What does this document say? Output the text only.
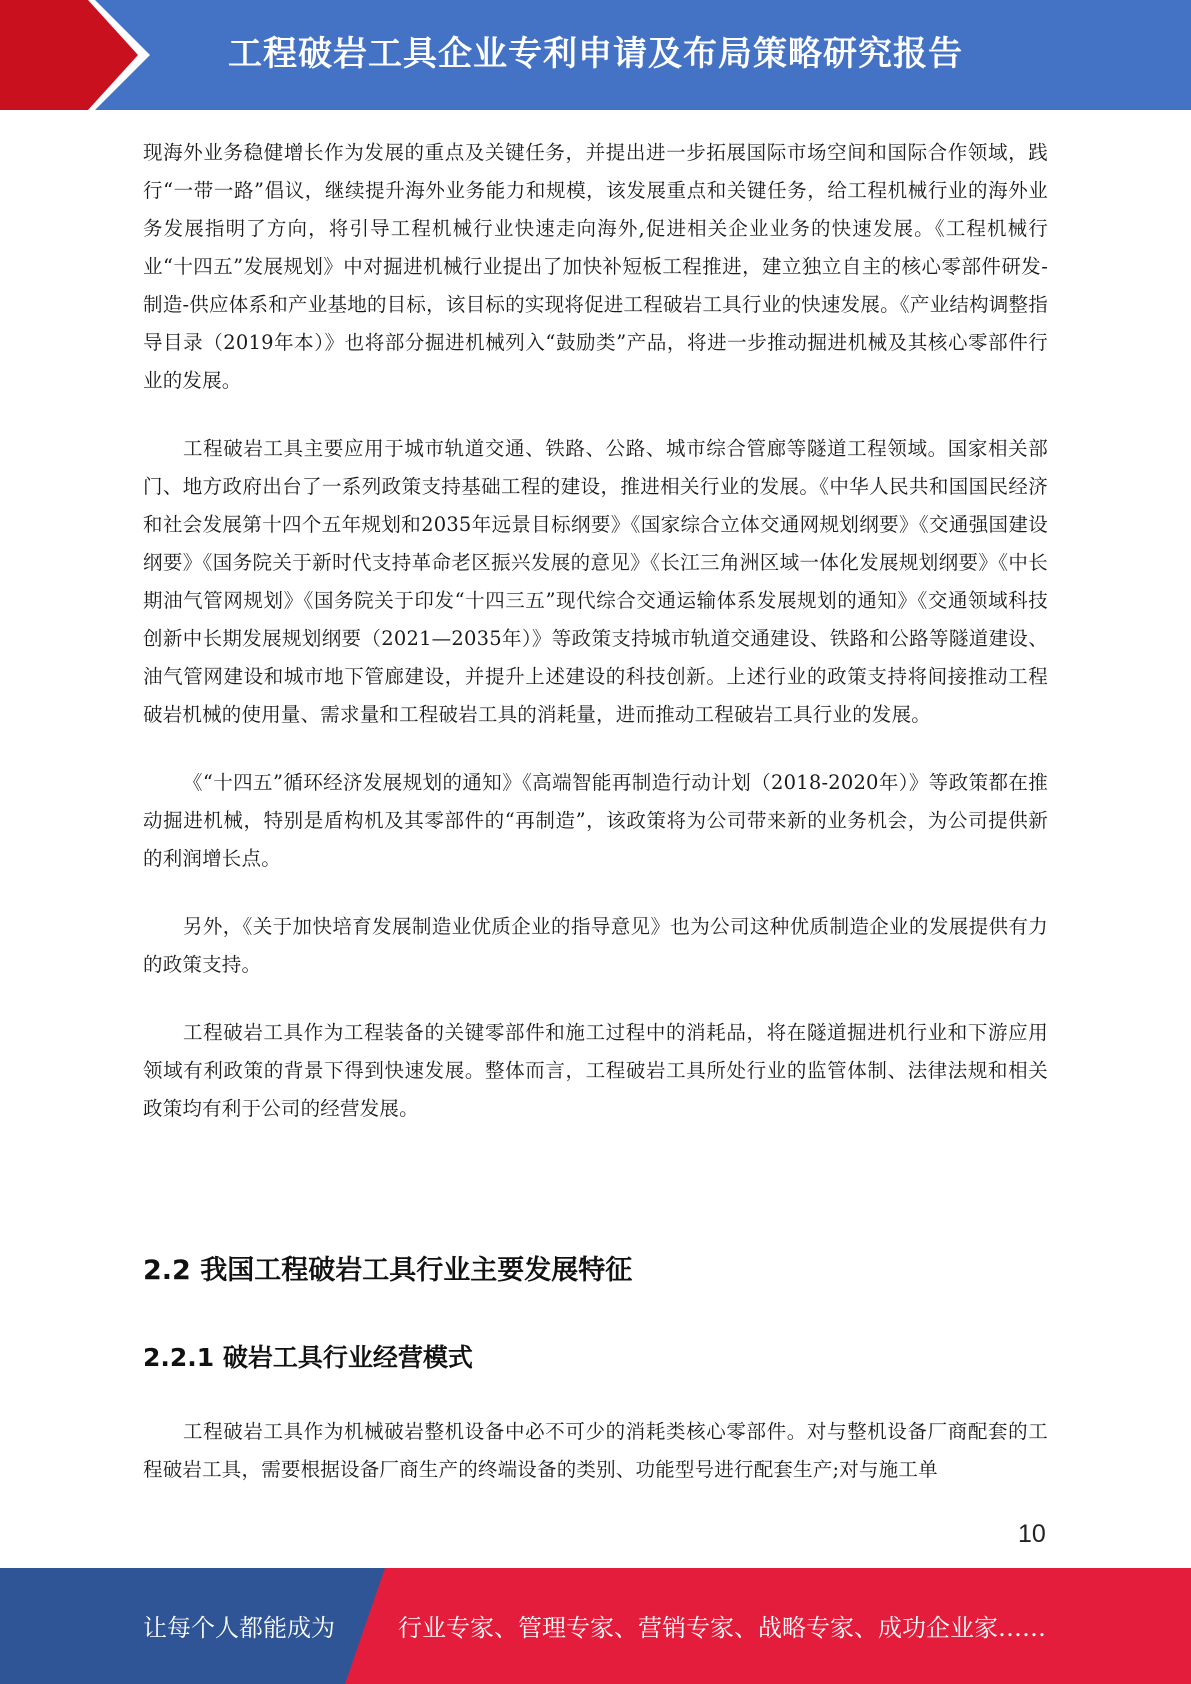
工程破岩工具企业专利申请及布局策略研究报告

现海外业务稳健增长作为发展的重点及关键任务，并提出进一步拓展国际市场空间和国际合作领域，践行“一带一路”倡议，继续提升海外业务能力和规模，该发展重点和关键任务，给工程机械行业的海外业务发展指明了方向，将引导工程机械行业快速走向海外,促进相关企业业务的快速发展。《工程机械行业“十四五”发展规划》中对掘进机械行业提出了加快补短板工程推进，建立独立自主的核心零部件研发-制造-供应体系和产业基地的目标，该目标的实现将促进工程破岩工具行业的快速发展。《产业结构调整指导目录（2019年本）》也将部分掘进机械列入“鼓励类”产品，将进一步推动掘进机械及其核心零部件行业的发展。

工程破岩工具主要应用于城市轨道交通、铁路、公路、城市综合管廊等隧道工程领域。国家相关部门、地方政府出台了一系列政策支持基础工程的建设，推进相关行业的发展。《中华人民共和国国民经济和社会发展第十四个五年规划和2035年远景目标纲要》《国家综合立体交通网规划纲要》《交通强国建设纲要》《国务院关于新时代支持革命老区振兴发展的意见》《长江三角洲区域一体化发展规划纲要》《中长期油气管网规划》《国务院关于印发“十四三五”现代综合交通运输体系发展规划的通知》《交通领域科技创新中长期发展规划纲要（2021—2035年）》等政策支持城市轨道交通建设、铁路和公路等隧道建设、油气管网建设和城市地下管廊建设，并提升上述建设的科技创新。上述行业的政策支持将间接推动工程破岩机械的使用量、需求量和工程破岩工具的消耗量，进而推动工程破岩工具行业的发展。

《“十四五”循环经济发展规划的通知》《高端智能再制造行动计划（2018-2020年）》等政策都在推动掘进机械，特别是盾构机及其零部件的“再制造”，该政策将为公司带来新的业务机会，为公司提供新的利润增长点。

另外，《关于加快培育发展制造业优质企业的指导意见》也为公司这种优质制造企业的发展提供有力的政策支持。

工程破岩工具作为工程装备的关键零部件和施工过程中的消耗品，将在隧道掘进机行业和下游应用领域有利政策的背景下得到快速发展。整体而言，工程破岩工具所处行业的监管体制、法律法规和相关政策均有利于公司的经营发展。

2.2 我国工程破岩工具行业主要发展特征
2.2.1 破岩工具行业经营模式

工程破岩工具作为机械破岩整机设备中必不可少的消耗类核心零部件。对与整机设备厂商配套的工程破岩工具，需要根据设备厂商生产的终端设备的类别、功能型号进行配套生产;对与施工单

10
让每个人都能成为	行业专家、管理专家、营销专家、战略专家、成功企业家……
